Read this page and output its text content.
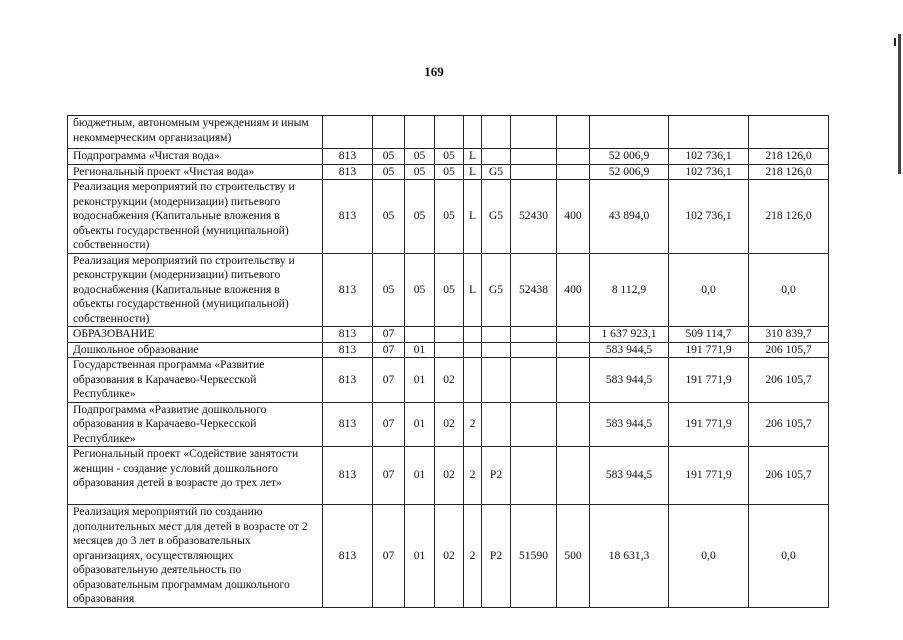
169
бюджетным, автономным учреждениям и иным некоммерческим организациям)											
Подпрограмма «Чистая вода»	813	05	05	05	L				52 006,9	102 736,1	218 126,0
Региональный проект «Чистая вода»	813	05	05	05	L	G5			52 006,9	102 736,1	218 126,0
Реализация мероприятий по строительству и реконструкции (модернизации) питьевого водоснабжения (Капитальные вложения в объекты государственной (муниципальной) собственности)	813	05	05	05	L	G5	52430	400	43 894,0	102 736,1	218 126,0
Реализация мероприятий по строительству и реконструкции (модернизации) питьевого водоснабжения (Капитальные вложения в объекты государственной (муниципальной) собственности)	813	05	05	05	L	G5	52438	400	8 112,9	0,0	0,0
ОБРАЗОВАНИЕ	813	07							1 637 923,1	509 114,7	310 839,7
Дошкольное образование	813	07	01						583 944,5	191 771,9	206 105,7
Государственная программа «Развитие образования в Карачаево-Черкесской Республике»	813	07	01	02					583 944,5	191 771,9	206 105,7
Подпрограмма «Развитие дошкольного образования в Карачаево-Черкесской Республике»	813	07	01	02	2				583 944,5	191 771,9	206 105,7
Региональный проект «Содействие занятости женщин - создание условий дошкольного образования детей в возрасте до трех лет»	813	07	01	02	2	P2			583 944,5	191 771,9	206 105,7
Реализация мероприятий по созданию дополнительных мест для детей в возрасте от 2 месяцев до 3 лет в образовательных организациях, осуществляющих образовательную деятельность по образовательным программам дошкольного образования	813	07	01	02	2	P2	51590	500	18 631,3	0,0	0,0
